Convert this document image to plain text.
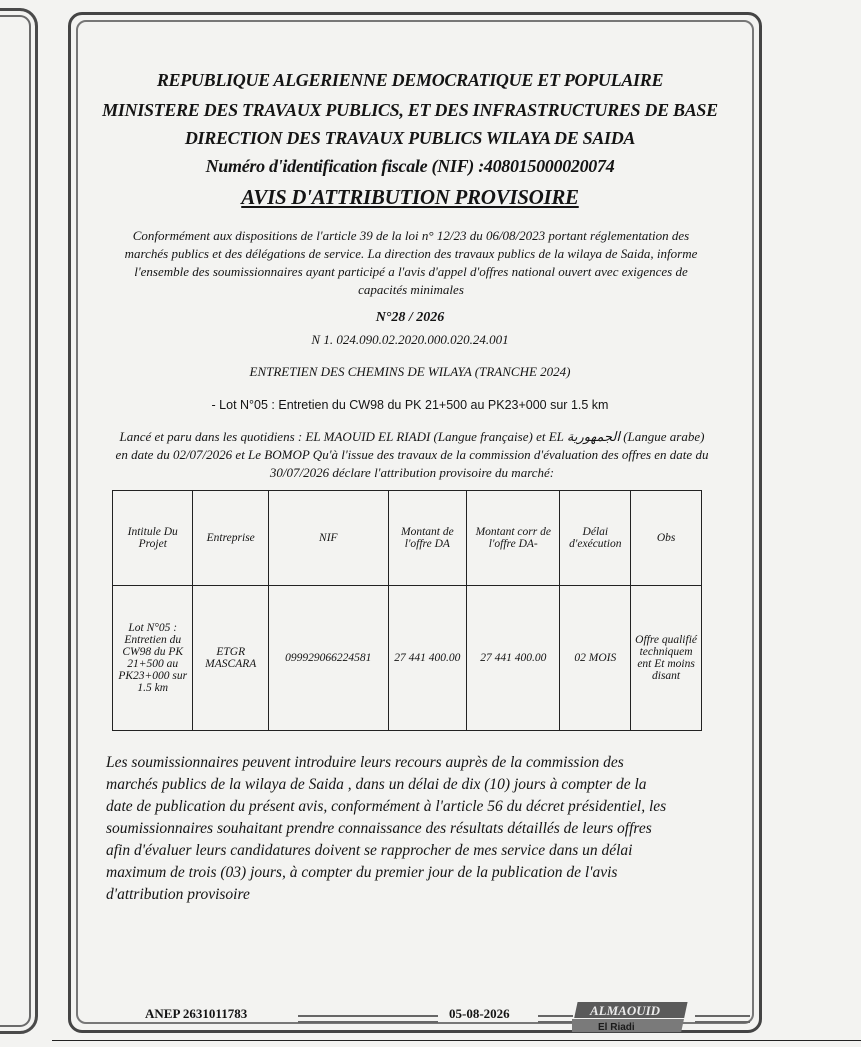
REPUBLIQUE ALGERIENNE DEMOCRATIQUE ET POPULAIRE
MINISTERE DES TRAVAUX PUBLICS, ET DES INFRASTRUCTURES DE BASE
DIRECTION DES TRAVAUX PUBLICS WILAYA DE SAIDA
Numéro d'identification fiscale (NIF) :408015000020074
AVIS D'ATTRIBUTION PROVISOIRE
Conformément aux dispositions de l'article 39 de la loi n° 12/23 du 06/08/2023 portant réglementation des marchés publics et des délégations de service. La direction des travaux publics de la wilaya de Saida, informe l'ensemble des soumissionnaires ayant participé a l'avis d'appel d'offres national ouvert avec exigences de capacités minimales
N°28 / 2026
N 1. 024.090.02.2020.000.020.24.001
ENTRETIEN DES CHEMINS DE WILAYA (TRANCHE 2024)
- Lot N°05 : Entretien du CW98 du PK 21+500 au PK23+000 sur 1.5 km
Lancé et paru dans les quotidiens : EL MAOUID EL RIADI (Langue française) et EL الجمهورية (Langue arabe) en date du 02/07/2026 et Le BOMOP Qu'à l'issue des travaux de la commission d'évaluation des offres en date du 30/07/2026 déclare l'attribution provisoire du marché:
Intitule Du Projet	Entreprise	NIF	Montant de l'offre DA	Montant corr de l'offre DA-	Délai d'exécution	Obs
Lot N°05 : Entretien du CW98 du PK 21+500 au PK23+000 sur 1.5 km	ETGR MASCARA	099929066224581	27 441 400.00	27 441 400.00	02 MOIS	Offre qualifié techniquem ent Et moins disant
Les soumissionnaires peuvent introduire leurs recours auprès de la commission des marchés publics de la wilaya de Saida , dans un délai de dix (10) jours à compter de la date de publication du présent avis, conformément à l'article 56 du décret présidentiel, les soumissionnaires souhaitant prendre connaissance des résultats détaillés de leurs offres afin d'évaluer leurs candidatures doivent se rapprocher de mes service dans un délai maximum de trois (03) jours, à compter du premier jour de la publication de l'avis d'attribution provisoire
ANEP 2631011783	05-08-2026	ALMAOUID
El Riadi
